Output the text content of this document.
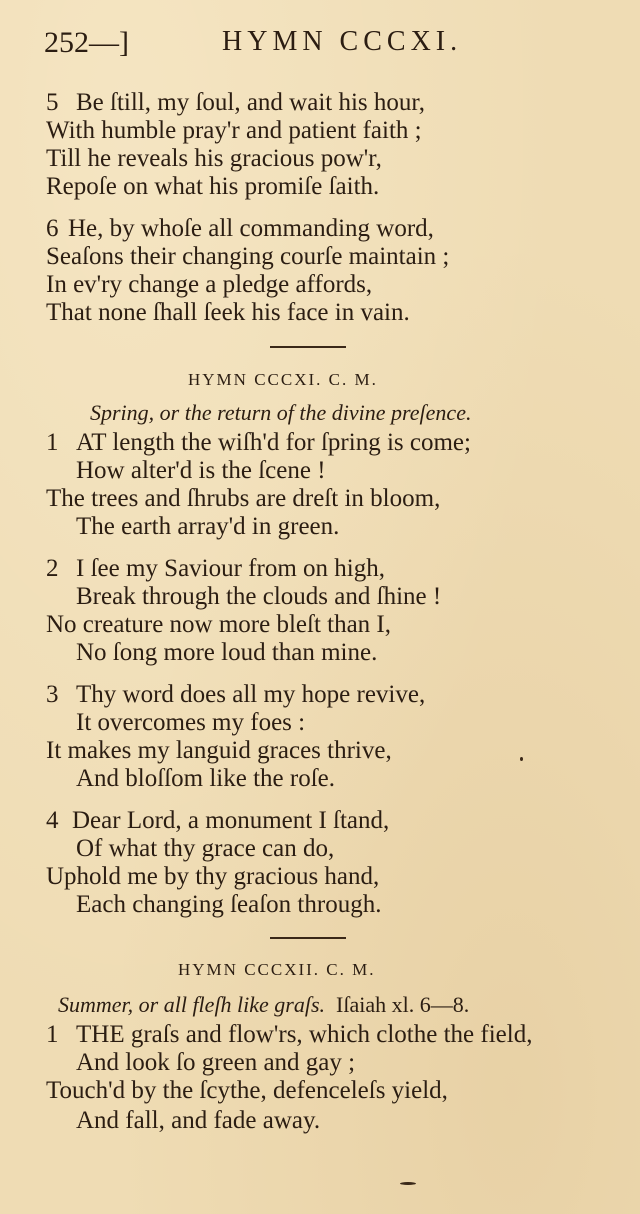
252—]	HYMN CCCXI.
5 Be ſtill, my ſoul, and wait his hour,
With humble pray'r and patient faith ;
Till he reveals his gracious pow'r,
Repoſe on what his promiſe ſaith.
6 He, by whoſe all commanding word,
Seaſons their changing courſe maintain ;
In ev'ry change a pledge affords,
That none ſhall ſeek his face in vain.
HYMN CCCXI. C. M.
Spring, or the return of the divine preſence.
1 AT length the wiſh'd for ſpring is come;
How alter'd is the ſcene !
The trees and ſhrubs are dreſt in bloom,
The earth array'd in green.
2 I ſee my Saviour from on high,
Break through the clouds and ſhine !
No creature now more bleſt than I,
No ſong more loud than mine.
3 Thy word does all my hope revive,
It overcomes my foes :
It makes my languid graces thrive,
And bloſſom like the roſe.
4 Dear Lord, a monument I ſtand,
Of what thy grace can do,
Uphold me by thy gracious hand,
Each changing ſeaſon through.
HYMN CCCXII. C. M.
Summer, or all fleſh like graſs. Iſaiah xl. 6—8.
1 THE graſs and flow'rs, which clothe the field,
And look ſo green and gay ;
Touch'd by the ſcythe, defenceleſs yield,
And fall, and fade away.
